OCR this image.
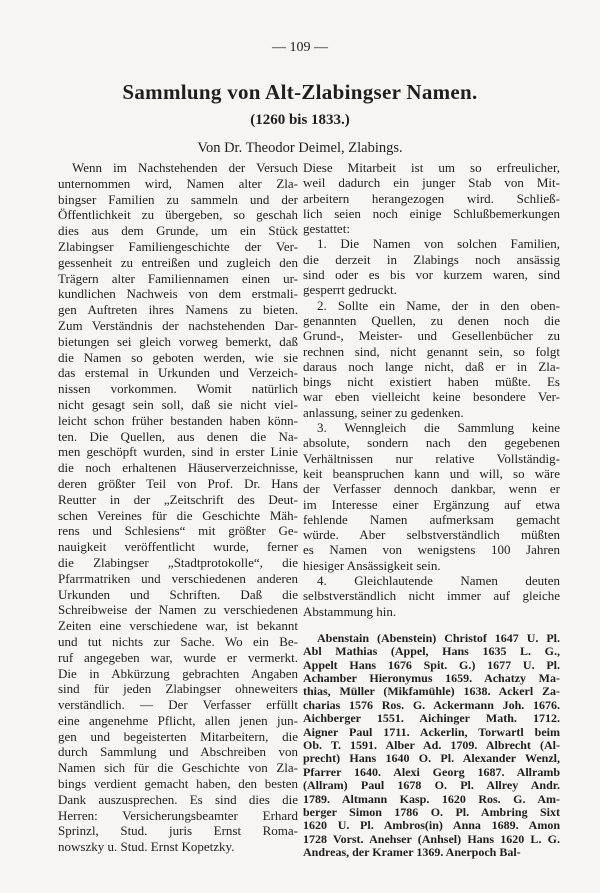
— 109 —
Sammlung von Alt-Zlabingser Namen.
(1260 bis 1833.)
Von Dr. Theodor Deimel, Zlabings.
Wenn im Nachstehenden der Versuch
unternommen wird, Namen alter Zla-
bingser Familien zu sammeln und der
Öffentlichkeit zu übergeben, so geschah
dies aus dem Grunde, um ein Stück
Zlabingser Familiengeschichte der Ver-
gessenheit zu entreißen und zugleich den
Trägern alter Familiennamen einen ur-
kundlichen Nachweis von dem erstmali-
gen Auftreten ihres Namens zu bieten.
Zum Verständnis der nachstehenden Dar-
bietungen sei gleich vorweg bemerkt, daß
die Namen so geboten werden, wie sie
das erstemal in Urkunden und Verzeich-
nissen vorkommen. Womit natürlich
nicht gesagt sein soll, daß sie nicht viel-
leicht schon früher bestanden haben könn-
ten. Die Quellen, aus denen die Na-
men geschöpft wurden, sind in erster Linie
die noch erhaltenen Häuserverzeichnisse,
deren größter Teil von Prof. Dr. Hans
Reutter in der „Zeitschrift des Deut-
schen Vereines für die Geschichte Mäh-
rens und Schlesiens“ mit größter Ge-
nauigkeit veröffentlicht wurde, ferner
die Zlabingser „Stadtprotokolle“, die
Pfarrmatriken und verschiedenen anderen
Urkunden und Schriften. Daß die
Schreibweise der Namen zu verschiedenen
Zeiten eine verschiedene war, ist bekannt
und tut nichts zur Sache. Wo ein Be-
ruf angegeben war, wurde er vermerkt.
Die in Abkürzung gebrachten Angaben
sind für jeden Zlabingser ohneweiters
verständlich. — Der Verfasser erfüllt
eine angenehme Pflicht, allen jenen jun-
gen und begeisterten Mitarbeitern, die
durch Sammlung und Abschreiben von
Namen sich für die Geschichte von Zla-
bings verdient gemacht haben, den besten
Dank auszusprechen. Es sind dies die
Herren: Versicherungsbeamter Erhard
Sprinzl, Stud. juris Ernst Roma-
nowszky u. Stud. Ernst Kopetzky.
Diese Mitarbeit ist um so erfreulicher,
weil dadurch ein junger Stab von Mit-
arbeitern herangezogen wird. Schließ-
lich seien noch einige Schlußbemerkungen
gestattet:
1. Die Namen von solchen Familien,
die derzeit in Zlabings noch ansässig
sind oder es bis vor kurzem waren, sind
gesperrt gedruckt.
2. Sollte ein Name, der in den oben-
genannten Quellen, zu denen noch die
Grund-, Meister- und Gesellenbücher zu
rechnen sind, nicht genannt sein, so folgt
daraus noch lange nicht, daß er in Zla-
bings nicht existiert haben müßte. Es
war eben vielleicht keine besondere Ver-
anlassung, seiner zu gedenken.
3. Wenngleich die Sammlung keine
absolute, sondern nach den gegebenen
Verhältnissen nur relative Vollständig-
keit beanspruchen kann und will, so wäre
der Verfasser dennoch dankbar, wenn er
im Interesse einer Ergänzung auf etwa
fehlende Namen aufmerksam gemacht
würde. Aber selbstverständlich müßten
es Namen von wenigstens 100 Jahren
hiesiger Ansässigkeit sein.
4. Gleichlautende Namen deuten
selbstverständlich nicht immer auf gleiche
Abstammung hin.
Abenstain (Abenstein) Christof 1647 U. Pl.
Abl Mathias (Appel, Hans 1635 L. G.,
Appelt Hans 1676 Spit. G.) 1677 U. Pl.
Achamber Hieronymus 1659. Achatzy Ma-
thias, Müller (Mikfamühle) 1638. Ackerl Za-
charias 1576 Ros. G. Ackermann Joh. 1676.
Aichberger 1551. Aichinger Math. 1712.
Aigner Paul 1711. Ackerlin, Torwartl beim
Ob. T. 1591. Alber Ad. 1709. Albrecht (Al-
precht) Hans 1640 O. Pl. Alexander Wenzl,
Pfarrer 1640. Alexi Georg 1687. Allramb
(Allram) Paul 1678 O. Pl. Allrey Andr.
1789. Altmann Kasp. 1620 Ros. G. Am-
berger Simon 1786 O. Pl. Ambring Sixt
1620 U. Pl. Ambros(in) Anna 1689. Amon
1728 Vorst. Anehser (Anhsel) Hans 1620 L. G.
Andreas, der Kramer 1369. Anerpoch Bal-
